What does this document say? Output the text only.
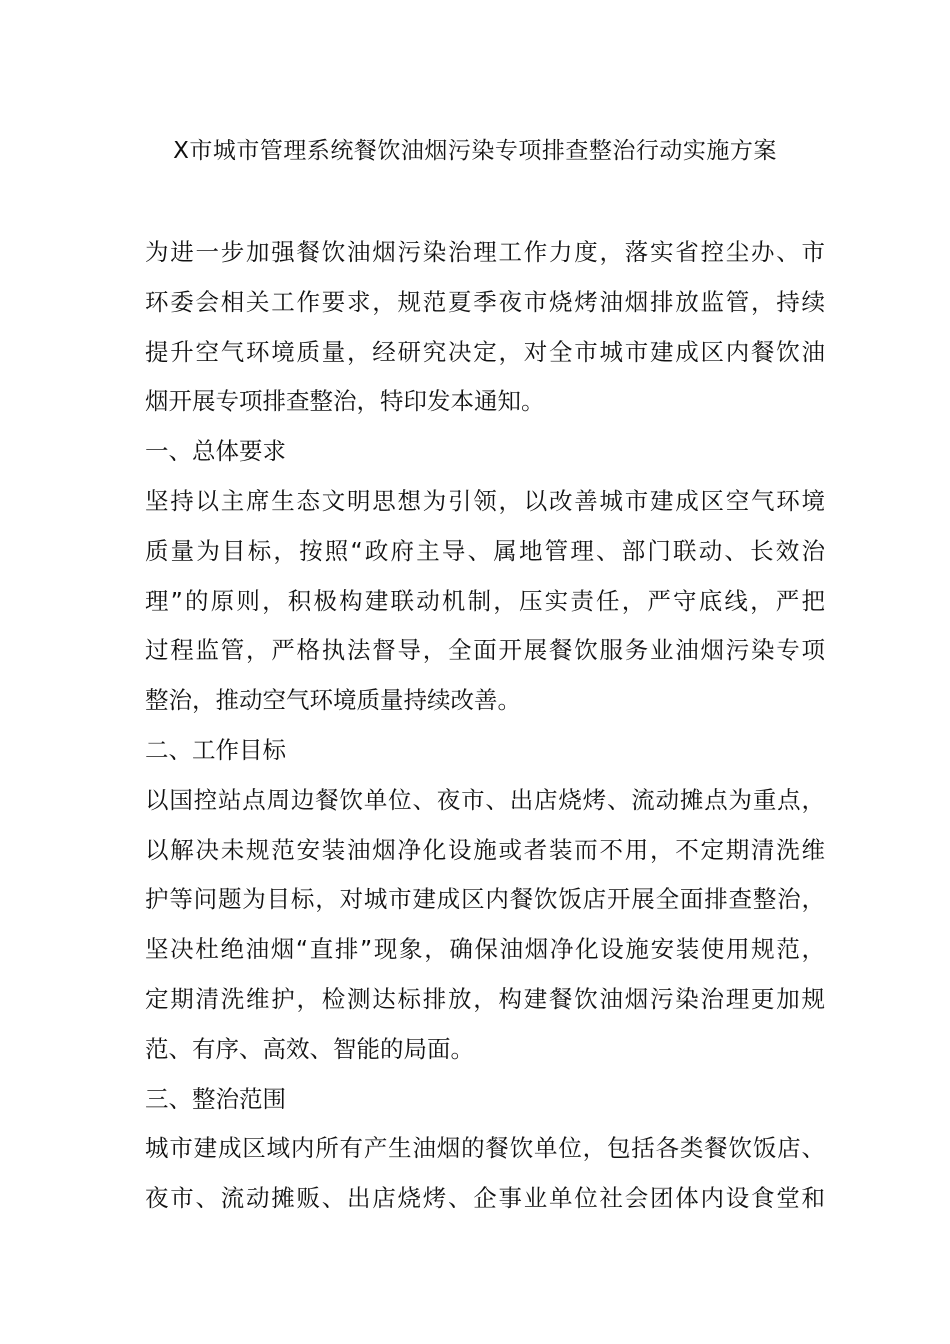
X市城市管理系统餐饮油烟污染专项排查整治行动实施方案
为进一步加强餐饮油烟污染治理工作力度，落实省控尘办、市
环委会相关工作要求，规范夏季夜市烧烤油烟排放监管，持续
提升空气环境质量，经研究决定，对全市城市建成区内餐饮油
烟开展专项排查整治，特印发本通知。
一、总体要求
坚持以主席生态文明思想为引领，以改善城市建成区空气环境
质量为目标，按照“政府主导、属地管理、部门联动、长效治
理”的原则，积极构建联动机制，压实责任，严守底线，严把
过程监管，严格执法督导，全面开展餐饮服务业油烟污染专项
整治，推动空气环境质量持续改善。
二、工作目标
以国控站点周边餐饮单位、夜市、出店烧烤、流动摊点为重点，
以解决未规范安装油烟净化设施或者装而不用，不定期清洗维
护等问题为目标，对城市建成区内餐饮饭店开展全面排查整治，
坚决杜绝油烟“直排”现象，确保油烟净化设施安装使用规范，
定期清洗维护，检测达标排放，构建餐饮油烟污染治理更加规
范、有序、高效、智能的局面。
三、整治范围
城市建成区域内所有产生油烟的餐饮单位，包括各类餐饮饭店、
夜市、流动摊贩、出店烧烤、企事业单位社会团体内设食堂和
